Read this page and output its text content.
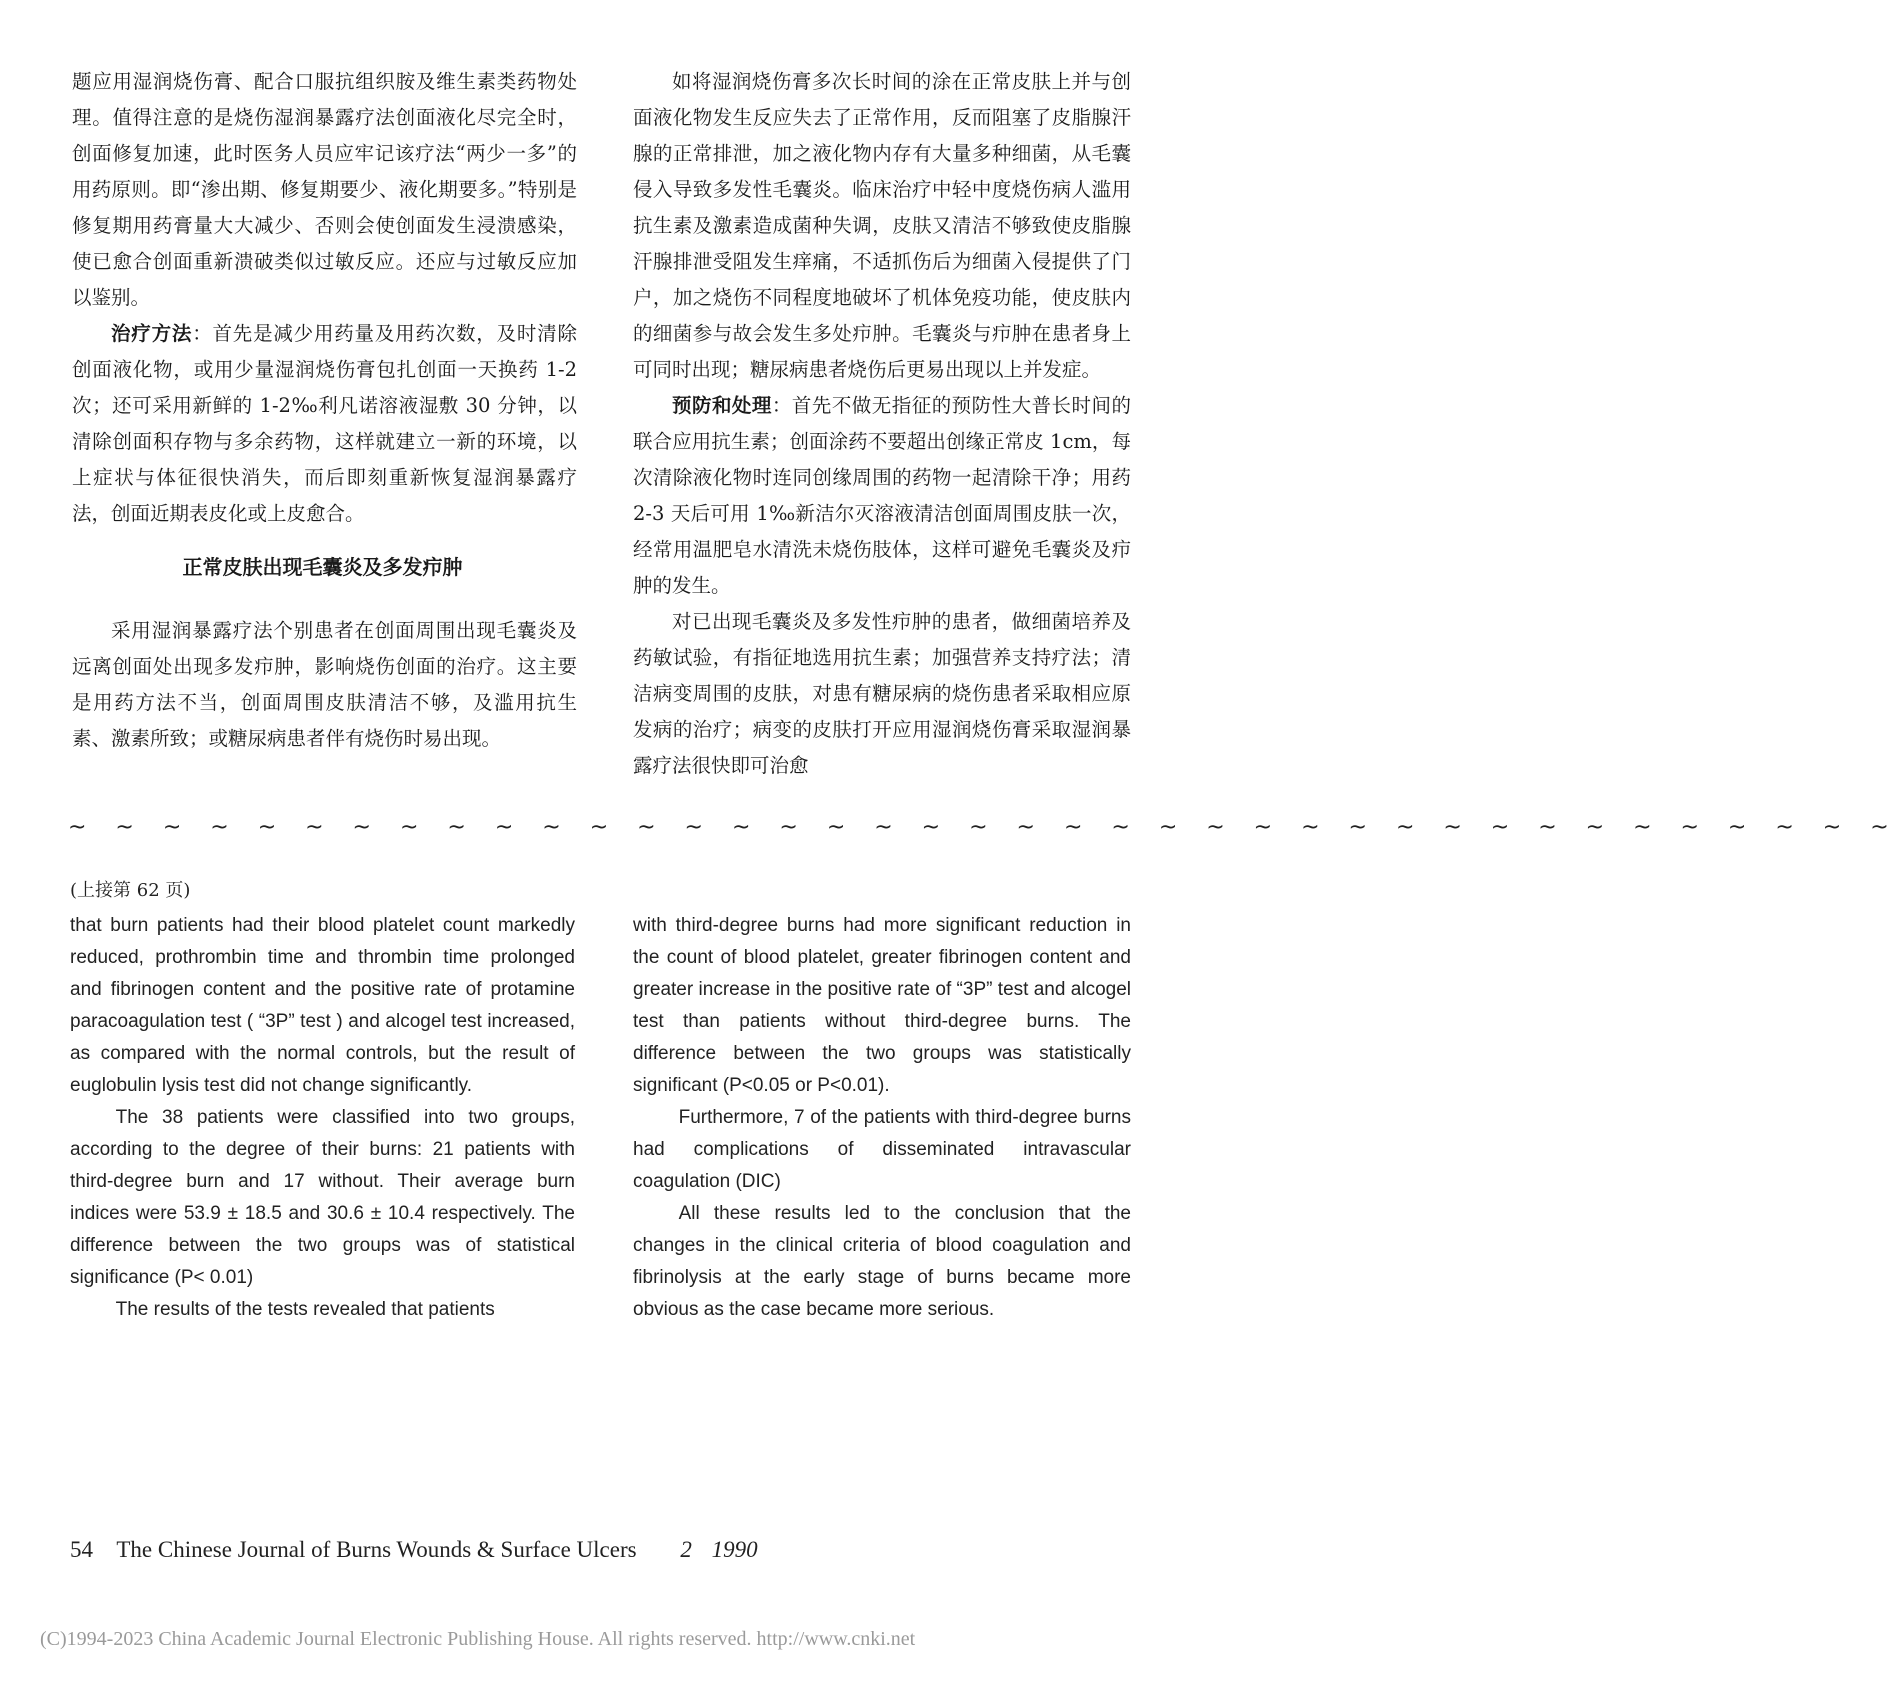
题应用湿润烧伤膏、配合口服抗组织胺及维生素类药物处理。值得注意的是烧伤湿润暴露疗法创面液化尽完全时，创面修复加速，此时医务人员应牢记该疗法“两少一多”的用药原则。即“渗出期、修复期要少、液化期要多。”特别是修复期用药膏量大大减少、否则会使创面发生浸溃感染，使已愈合创面重新溃破类似过敏反应。还应与过敏反应加以鉴别。

治疗方法：首先是减少用药量及用药次数，及时清除创面液化物，或用少量湿润烧伤膏包扎创面一天换药 1-2 次；还可采用新鲜的 1-2‰利凡诺溶液湿敷 30 分钟，以清除创面积存物与多余药物，这样就建立一新的环境，以上症状与体征很快消失，而后即刻重新恢复湿润暴露疗法，创面近期表皮化或上皮愈合。

正常皮肤出现毛囊炎及多发疖肿

采用湿润暴露疗法个别患者在创面周围出现毛囊炎及远离创面处出现多发疖肿，影响烧伤创面的治疗。这主要是用药方法不当，创面周围皮肤清洁不够，及滥用抗生素、激素所致；或糖尿病患者伴有烧伤时易出现。

如将湿润烧伤膏多次长时间的涂在正常皮肤上并与创面液化物发生反应失去了正常作用，反而阻塞了皮脂腺汗腺的正常排泄，加之液化物内存有大量多种细菌，从毛囊侵入导致多发性毛囊炎。临床治疗中轻中度烧伤病人滥用抗生素及激素造成菌种失调，皮肤又清洁不够致使皮脂腺汗腺排泄受阻发生痒痛，不适抓伤后为细菌入侵提供了门户，加之烧伤不同程度地破坏了机体免疫功能，使皮肤内的细菌参与故会发生多处疖肿。毛囊炎与疖肿在患者身上可同时出现；糖尿病患者烧伤后更易出现以上并发症。

预防和处理：首先不做无指征的预防性大普长时间的联合应用抗生素；创面涂药不要超出创缘正常皮 1cm，每次清除液化物时连同创缘周围的药物一起清除干净；用药 2-3 天后可用 1‰新洁尔灭溶液清洁创面周围皮肤一次，经常用温肥皂水清洗未烧伤肢体，这样可避免毛囊炎及疖肿的发生。

对已出现毛囊炎及多发性疖肿的患者，做细菌培养及药敏试验，有指征地选用抗生素；加强营养支持疗法；清洁病变周围的皮肤，对患有糖尿病的烧伤患者采取相应原发病的治疗；病变的皮肤打开应用湿润烧伤膏采取湿润暴露疗法很快即可治愈

~ ~ ~ ~ ~ ~ ~ ~ ~ ~ ~ ~ ~ ~ ~ ~ ~ ~ ~ ~ ~ ~ ~ ~ ~ ~ ~ ~ ~ ~ ~ ~ ~ ~ ~ ~ ~ ~ ~
(上接第 62 页)

that burn patients had their blood platelet count markedly reduced, prothrombin time and thrombin time prolonged and fibrinogen content and the positive rate of protamine paracoagulation test ( “3P” test ) and alcogel test increased, as compared with the normal controls, but the result of euglobulin lysis test did not change significantly.

The 38 patients were classified into two groups, according to the degree of their burns: 21 patients with third-degree burn and 17 without. Their average burn indices were 53.9 ± 18.5 and 30.6 ± 10.4 respectively. The difference between the two groups was of statistical significance (P< 0.01)

The results of the tests revealed that patients

with third-degree burns had more significant reduction in the count of blood platelet, greater fibrinogen content and greater increase in the positive rate of “3P” test and alcogel test than patients without third-degree burns. The difference between the two groups was statistically significant (P<0.05 or P<0.01).

Furthermore, 7 of the patients with third-degree burns had complications of disseminated intravascular coagulation (DIC)

All these results led to the conclusion that the changes in the clinical criteria of blood coagulation and fibrinolysis at the early stage of burns became more obvious as the case became more serious.

54 The Chinese Journal of Burns Wounds & Surface Ulcers 2 1990
(C)1994-2023 China Academic Journal Electronic Publishing House. All rights reserved. http://www.cnki.net
